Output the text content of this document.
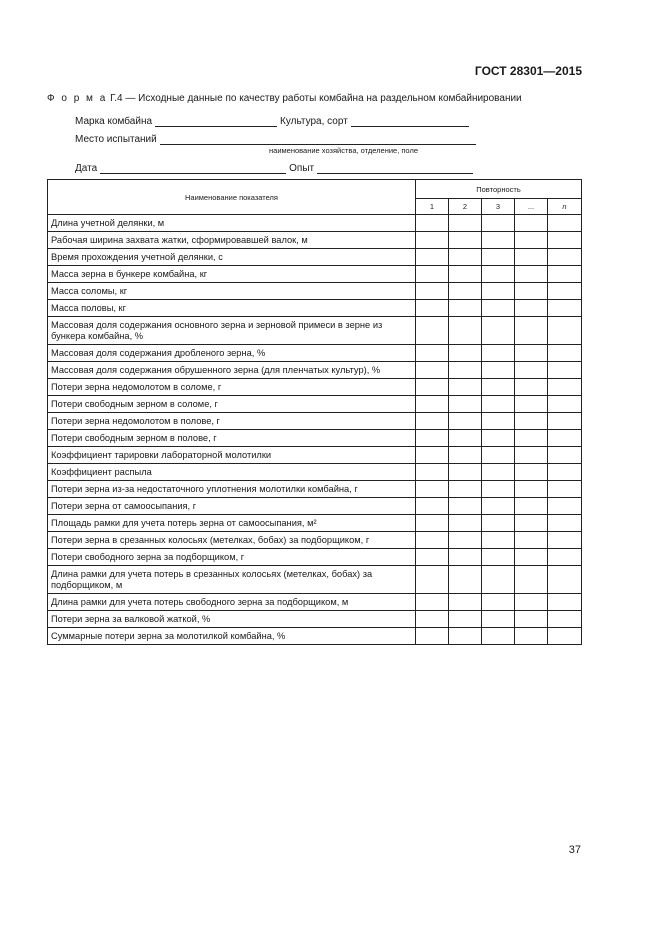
ГОСТ 28301—2015
Ф о р м а Г.4 — Исходные данные по качеству работы комбайна на раздельном комбайнировании
Марка комбайна	Культура, сорт
Место испытаний
наименование хозяйства, отделение, поле
Дата	Опыт
Наименование показателя	Повторность				
	1	2	3	...	n
Длина учетной делянки, м					
Рабочая ширина захвата жатки, сформировавшей валок, м					
Время прохождения учетной делянки, с					
Масса зерна в бункере комбайна, кг					
Масса соломы, кг					
Масса половы, кг					
Массовая доля содержания основного зерна и зерновой примеси в зерне из бункера комбайна, %					
Массовая доля содержания дробленого зерна, %					
Массовая доля содержания обрушенного зерна (для пленчатых культур), %					
Потери зерна недомолотом в соломе, г					
Потери свободным зерном в соломе, г					
Потери зерна недомолотом в полове, г					
Потери свободным зерном в полове, г					
Коэффициент тарировки лабораторной молотилки					
Коэффициент распыла					
Потери зерна из-за недостаточного уплотнения молотилки комбайна, г					
Потери зерна от самоосыпания, г					
Площадь рамки для учета потерь зерна от самоосыпания, м²					
Потери зерна в срезанных колосьях (метелках, бобах) за подборщиком, г					
Потери свободного зерна за подборщиком, г					
Длина рамки для учета потерь в срезанных колосьях (метелках, бобах) за подборщиком, м					
Длина рамки для учета потерь свободного зерна за подборщиком, м					
Потери зерна за валковой жаткой, %					
Суммарные потери зерна за молотилкой комбайна, %					
37
